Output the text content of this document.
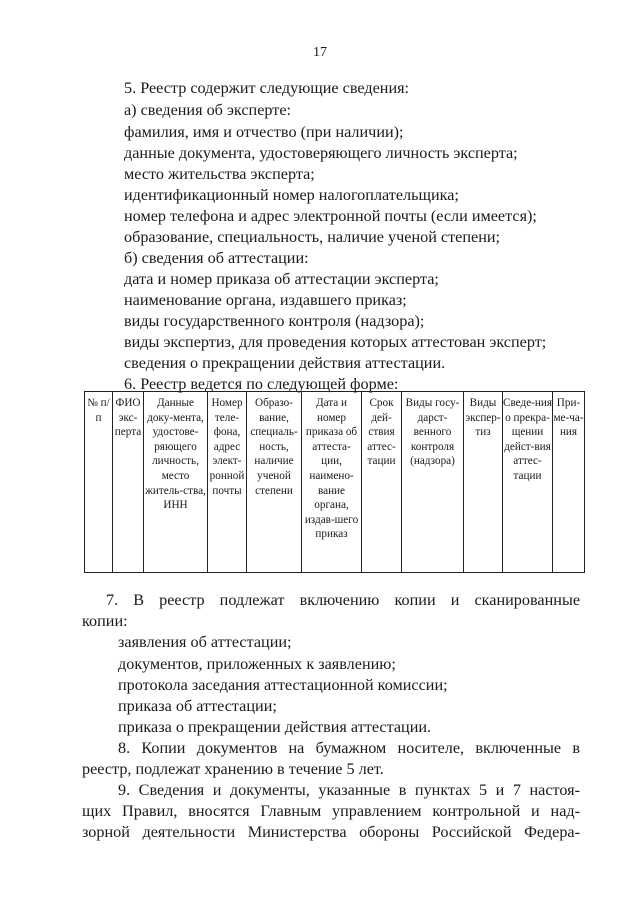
17
5. Реестр содержит следующие сведения:
а) сведения об эксперте:
фамилия, имя и отчество (при наличии);
данные документа, удостоверяющего личность эксперта;
место жительства эксперта;
идентификационный номер налогоплательщика;
номер телефона и адрес электронной почты (если имеется);
образование, специальность, наличие ученой степени;
б) сведения об аттестации:
дата и номер приказа об аттестации эксперта;
наименование органа, издавшего приказ;
виды государственного контроля (надзора);
виды экспертиз, для проведения которых аттестован эксперт;
сведения о прекращении действия аттестации.
6. Реестр ведется по следующей форме:
№ п/п	ФИО экс-перта	Данные доку-мента, удостове-ряющего личность, место житель-ства, ИНН	Номер теле-фона, адрес элект-ронной почты	Образо-вание, специаль-ность, наличие ученой степени	Дата и номер приказа об аттеста-ции, наимено-вание органа, издав-шего приказ	Срок дей-ствия аттес-тации	Виды госу-дарст-венного контроля (надзора)	Виды экспер-тиз	Сведе-ния о прекра-щении дейст-вия аттес-тации	При-ме-ча-ния
7. В реестр подлежат включению копии и сканированные
копии:
заявления об аттестации;
документов, приложенных к заявлению;
протокола заседания аттестационной комиссии;
приказа об аттестации;
приказа о прекращении действия аттестации.
8. Копии документов на бумажном носителе, включенные в
реестр, подлежат хранению в течение 5 лет.
9. Сведения и документы, указанные в пунктах 5 и 7 настоя-
щих Правил, вносятся Главным управлением контрольной и над-
зорной деятельности Министерства обороны Российской Федера-
